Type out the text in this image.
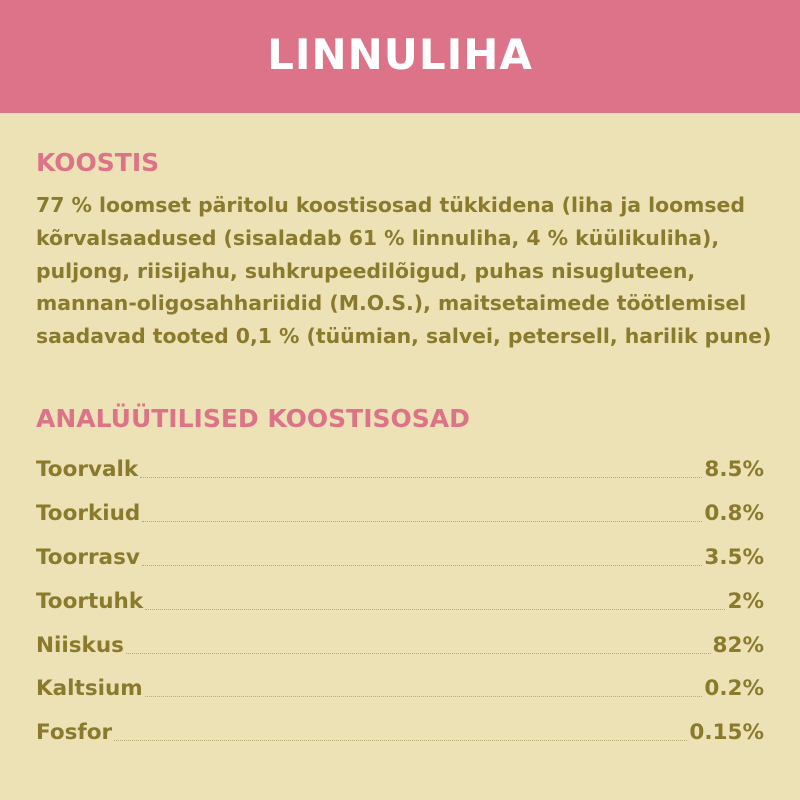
LINNULIHA
KOOSTIS

77 % loomset päritolu koostisosad tükkidena (liha ja loomsed kõrvalsaadused (sisaladab 61 % linnuliha, 4 % küülikuliha), puljong, riisijahu, suhkrupeedilõigud, puhas nisugluteen, mannan-oligosahhariidid (M.O.S.), maitsetaimede töötlemisel saadavad tooted 0,1 % (tüümian, salvei, petersell, harilik pune)

ANALÜÜTILISED KOOSTISOSAD
Toorvalk	8.5%
Toorkiud	0.8%
Toorrasv	3.5%
Toortuhk	2%
Niiskus	82%
Kaltsium	0.2%
Fosfor	0.15%
